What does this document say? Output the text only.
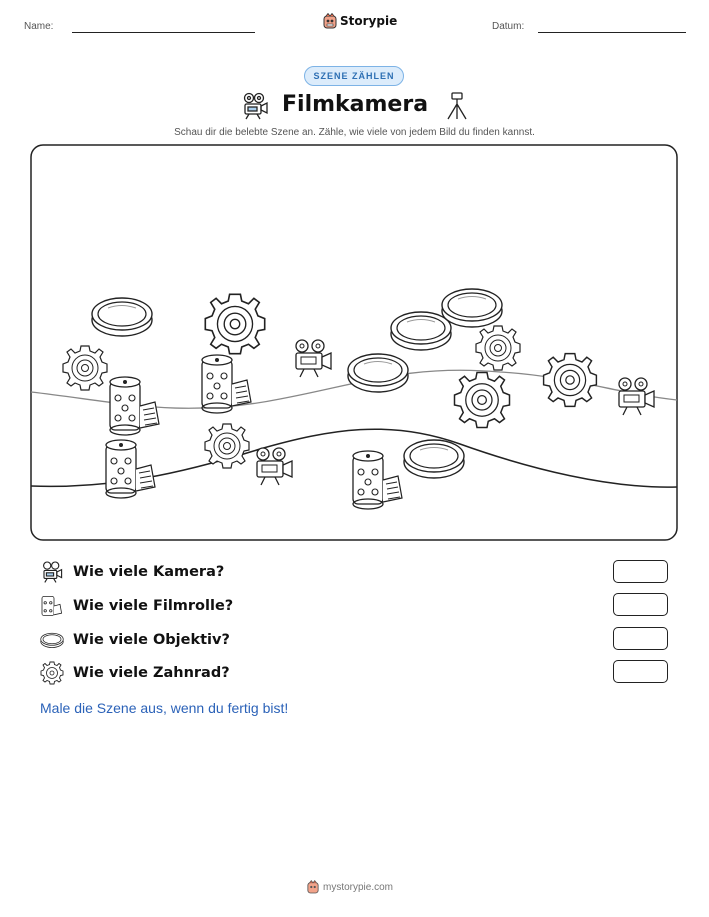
Name:	Storypie	Datum:
SZENE ZÄHLEN
Filmkamera
Schau dir die belebte Szene an. Zähle, wie viele von jedem Bild du finden kannst.
Wie viele Kamera?
Wie viele Filmrolle?
Wie viele Objektiv?
Wie viele Zahnrad?
Male die Szene aus, wenn du fertig bist!
mystorypie.com
